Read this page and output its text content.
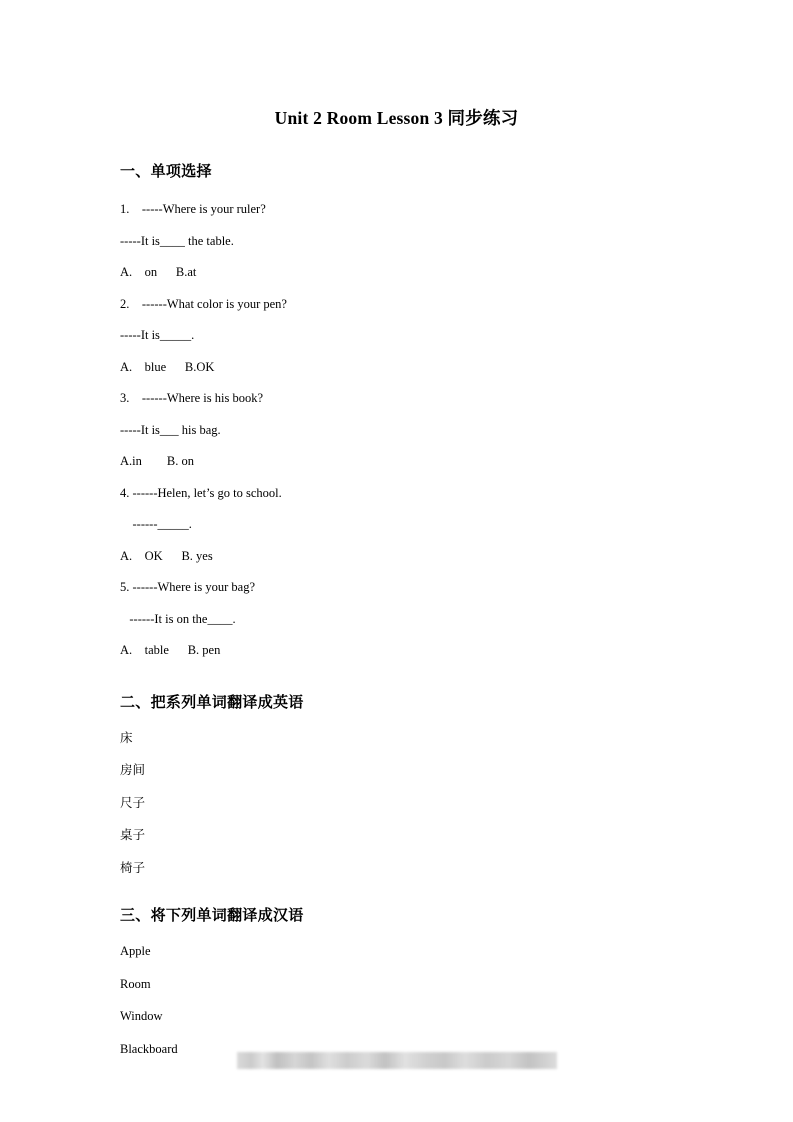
Unit 2 Room Lesson 3 同步练习
一、单项选择
1.    -----Where is your ruler?
-----It is____ the table.
A.    on      B.at
2.    ------What color is your pen?
-----It is_____.
A.    blue      B.OK
3.    ------Where is his book?
-----It is___ his bag.
A.in        B. on
4. ------Helen, let’s go to school.
------_____.
A.    OK      B. yes
5. ------Where is your bag?
------It is on the____.
A.    table      B. pen
二、把系列单词翻译成英语
床
房间
尺子
桌子
椅子
三、将下列单词翻译成汉语
Apple
Room
Window
Blackboard
